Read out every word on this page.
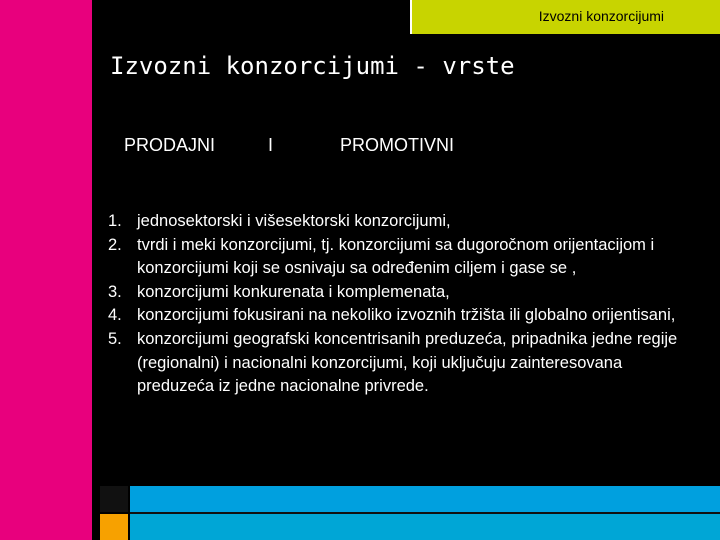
Izvozni konzorcijumi
Izvozni konzorcijumi - vrste
PRODAJNI	I	PROMOTIVNI
1. jednosektorski i višesektorski konzorcijumi,
2. tvrdi i meki konzorcijumi, tj. konzorcijumi sa dugoročnom orijentacijom i konzorcijumi koji se osnivaju sa određenim ciljem i gase se ,
3. konzorcijumi konkurenata i komplemenata,
4. konzorcijumi fokusirani na nekoliko izvoznih tržišta ili globalno orijentisani,
5. konzorcijumi geografski koncentrisanih preduzeća, pripadnika jedne regije (regionalni) i nacionalni konzorcijumi, koji uključuju zainteresovana preduzeća iz jedne nacionalne privrede.
